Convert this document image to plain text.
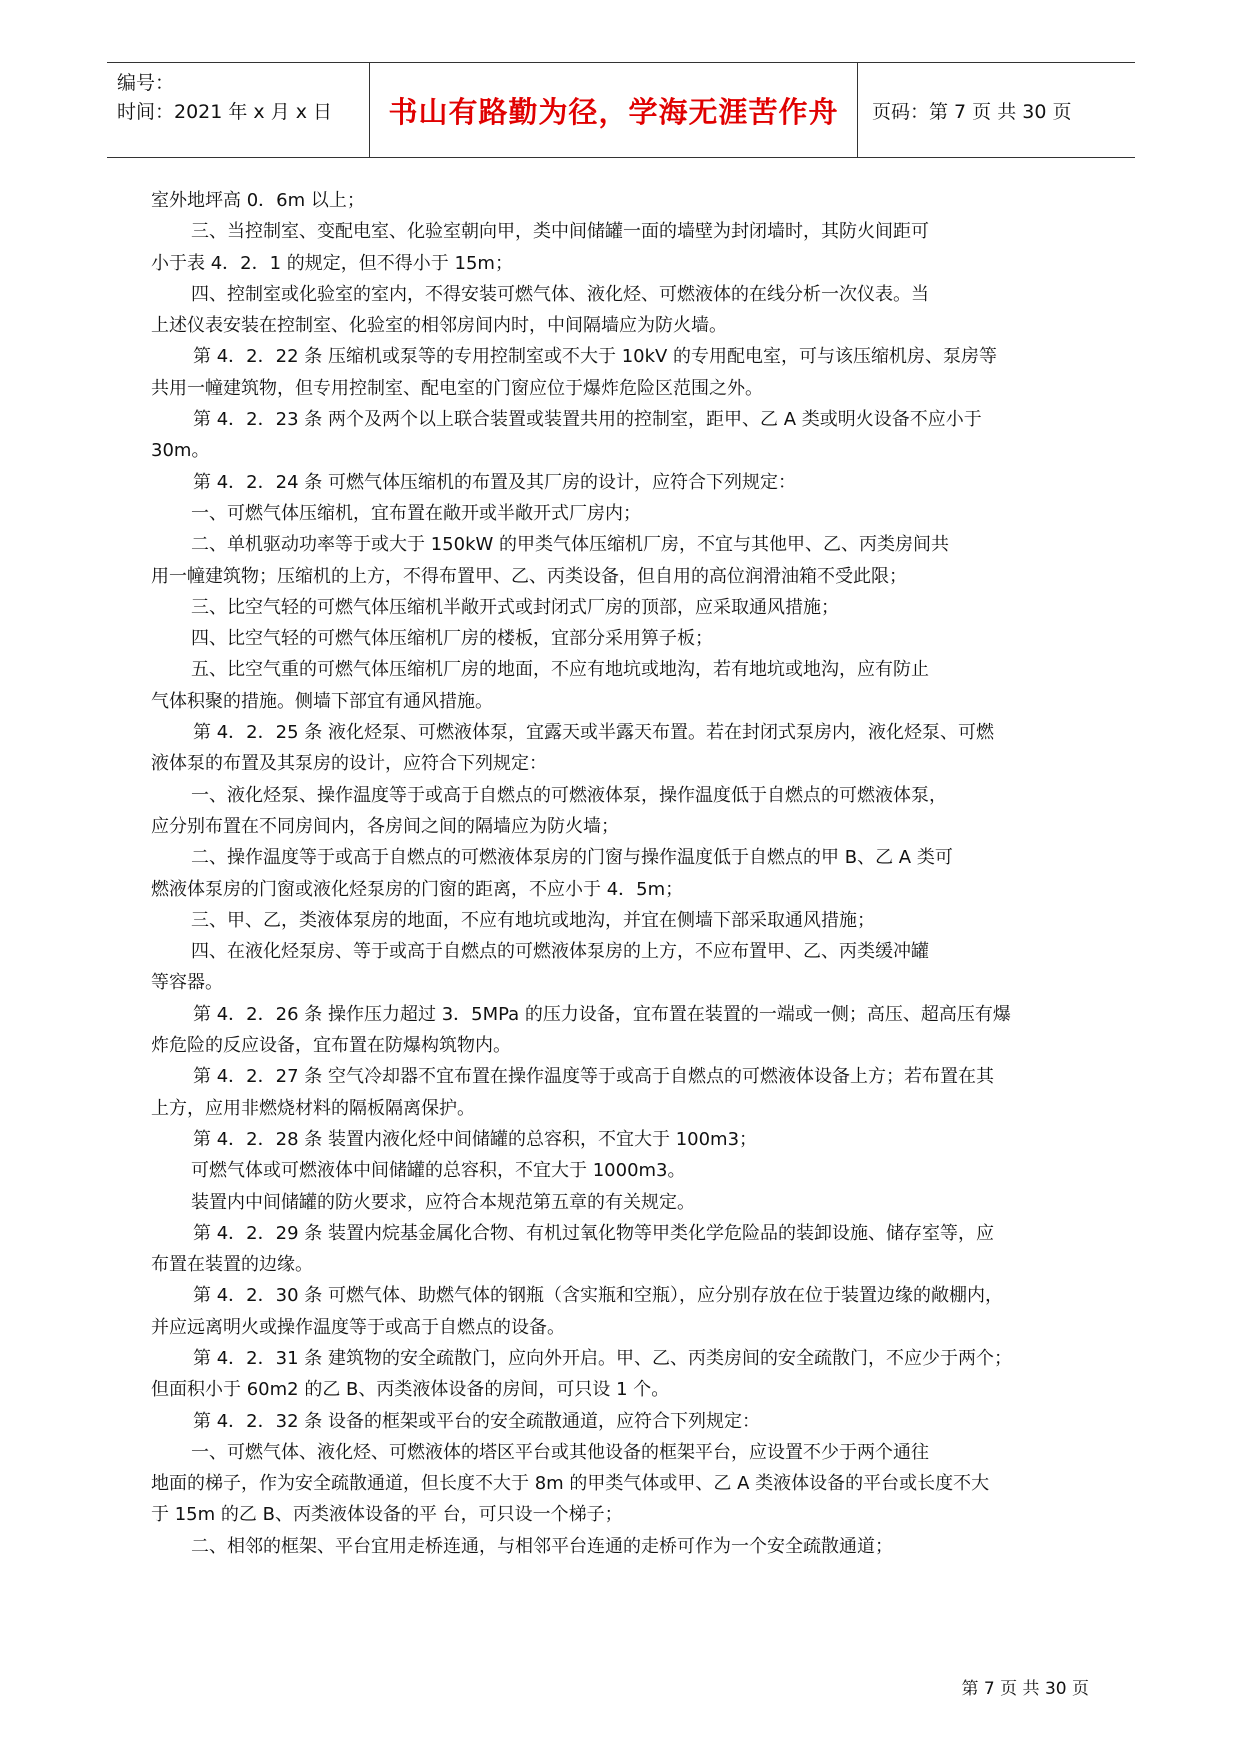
编号：
时间：2021 年 x 月 x 日	书山有路勤为径，学海无涯苦作舟	页码：第 7 页 共 30 页

室外地坪高 0．6m 以上；

三、当控制室、变配电室、化验室朝向甲，类中间储罐一面的墙壁为封闭墙时，其防火间距可

小于表 4．2．1 的规定，但不得小于 15m；

四、控制室或化验室的室内，不得安装可燃气体、液化烃、可燃液体的在线分析一次仪表。当

上述仪表安装在控制室、化验室的相邻房间内时，中间隔墙应为防火墙。

第 4．2．22 条 压缩机或泵等的专用控制室或不大于 10kV 的专用配电室，可与该压缩机房、泵房等

共用一幢建筑物，但专用控制室、配电室的门窗应位于爆炸危险区范围之外。

第 4．2．23 条 两个及两个以上联合装置或装置共用的控制室，距甲、乙 A 类或明火设备不应小于

30m。

第 4．2．24 条 可燃气体压缩机的布置及其厂房的设计，应符合下列规定：

一、可燃气体压缩机，宜布置在敞开或半敞开式厂房内；

二、单机驱动功率等于或大于 150kW 的甲类气体压缩机厂房，不宜与其他甲、乙、丙类房间共

用一幢建筑物；压缩机的上方，不得布置甲、乙、丙类设备，但自用的高位润滑油箱不受此限；

三、比空气轻的可燃气体压缩机半敞开式或封闭式厂房的顶部，应采取通风措施；

四、比空气轻的可燃气体压缩机厂房的楼板，宜部分采用箅子板；

五、比空气重的可燃气体压缩机厂房的地面，不应有地坑或地沟，若有地坑或地沟，应有防止

气体积聚的措施。侧墙下部宜有通风措施。

第 4．2．25 条 液化烃泵、可燃液体泵，宜露天或半露天布置。若在封闭式泵房内，液化烃泵、可燃

液体泵的布置及其泵房的设计，应符合下列规定：

一、液化烃泵、操作温度等于或高于自燃点的可燃液体泵，操作温度低于自燃点的可燃液体泵，

应分别布置在不同房间内，各房间之间的隔墙应为防火墙；

二、操作温度等于或高于自燃点的可燃液体泵房的门窗与操作温度低于自燃点的甲 B、乙 A 类可

燃液体泵房的门窗或液化烃泵房的门窗的距离，不应小于 4．5m；

三、甲、乙，类液体泵房的地面，不应有地坑或地沟，并宜在侧墙下部采取通风措施；

四、在液化烃泵房、等于或高于自燃点的可燃液体泵房的上方，不应布置甲、乙、丙类缓冲罐

等容器。

第 4．2．26 条 操作压力超过 3．5MPa 的压力设备，宜布置在装置的一端或一侧；高压、超高压有爆

炸危险的反应设备，宜布置在防爆构筑物内。

第 4．2．27 条 空气冷却器不宜布置在操作温度等于或高于自燃点的可燃液体设备上方；若布置在其

上方，应用非燃烧材料的隔板隔离保护。

第 4．2．28 条 装置内液化烃中间储罐的总容积，不宜大于 100m3；

可燃气体或可燃液体中间储罐的总容积，不宜大于 1000m3。

装置内中间储罐的防火要求，应符合本规范第五章的有关规定。

第 4．2．29 条 装置内烷基金属化合物、有机过氧化物等甲类化学危险品的装卸设施、储存室等，应

布置在装置的边缘。

第 4．2．30 条 可燃气体、助燃气体的钢瓶（含实瓶和空瓶），应分别存放在位于装置边缘的敞棚内，

并应远离明火或操作温度等于或高于自燃点的设备。

第 4．2．31 条 建筑物的安全疏散门，应向外开启。甲、乙、丙类房间的安全疏散门，不应少于两个；

但面积小于 60m2 的乙 B、丙类液体设备的房间，可只设 1 个。

第 4．2．32 条 设备的框架或平台的安全疏散通道，应符合下列规定：

一、可燃气体、液化烃、可燃液体的塔区平台或其他设备的框架平台，应设置不少于两个通往

地面的梯子，作为安全疏散通道，但长度不大于 8m 的甲类气体或甲、乙 A 类液体设备的平台或长度不大

于 15m 的乙 B、丙类液体设备的平 台，可只设一个梯子；

二、相邻的框架、平台宜用走桥连通，与相邻平台连通的走桥可作为一个安全疏散通道；

第 7 页 共 30 页
